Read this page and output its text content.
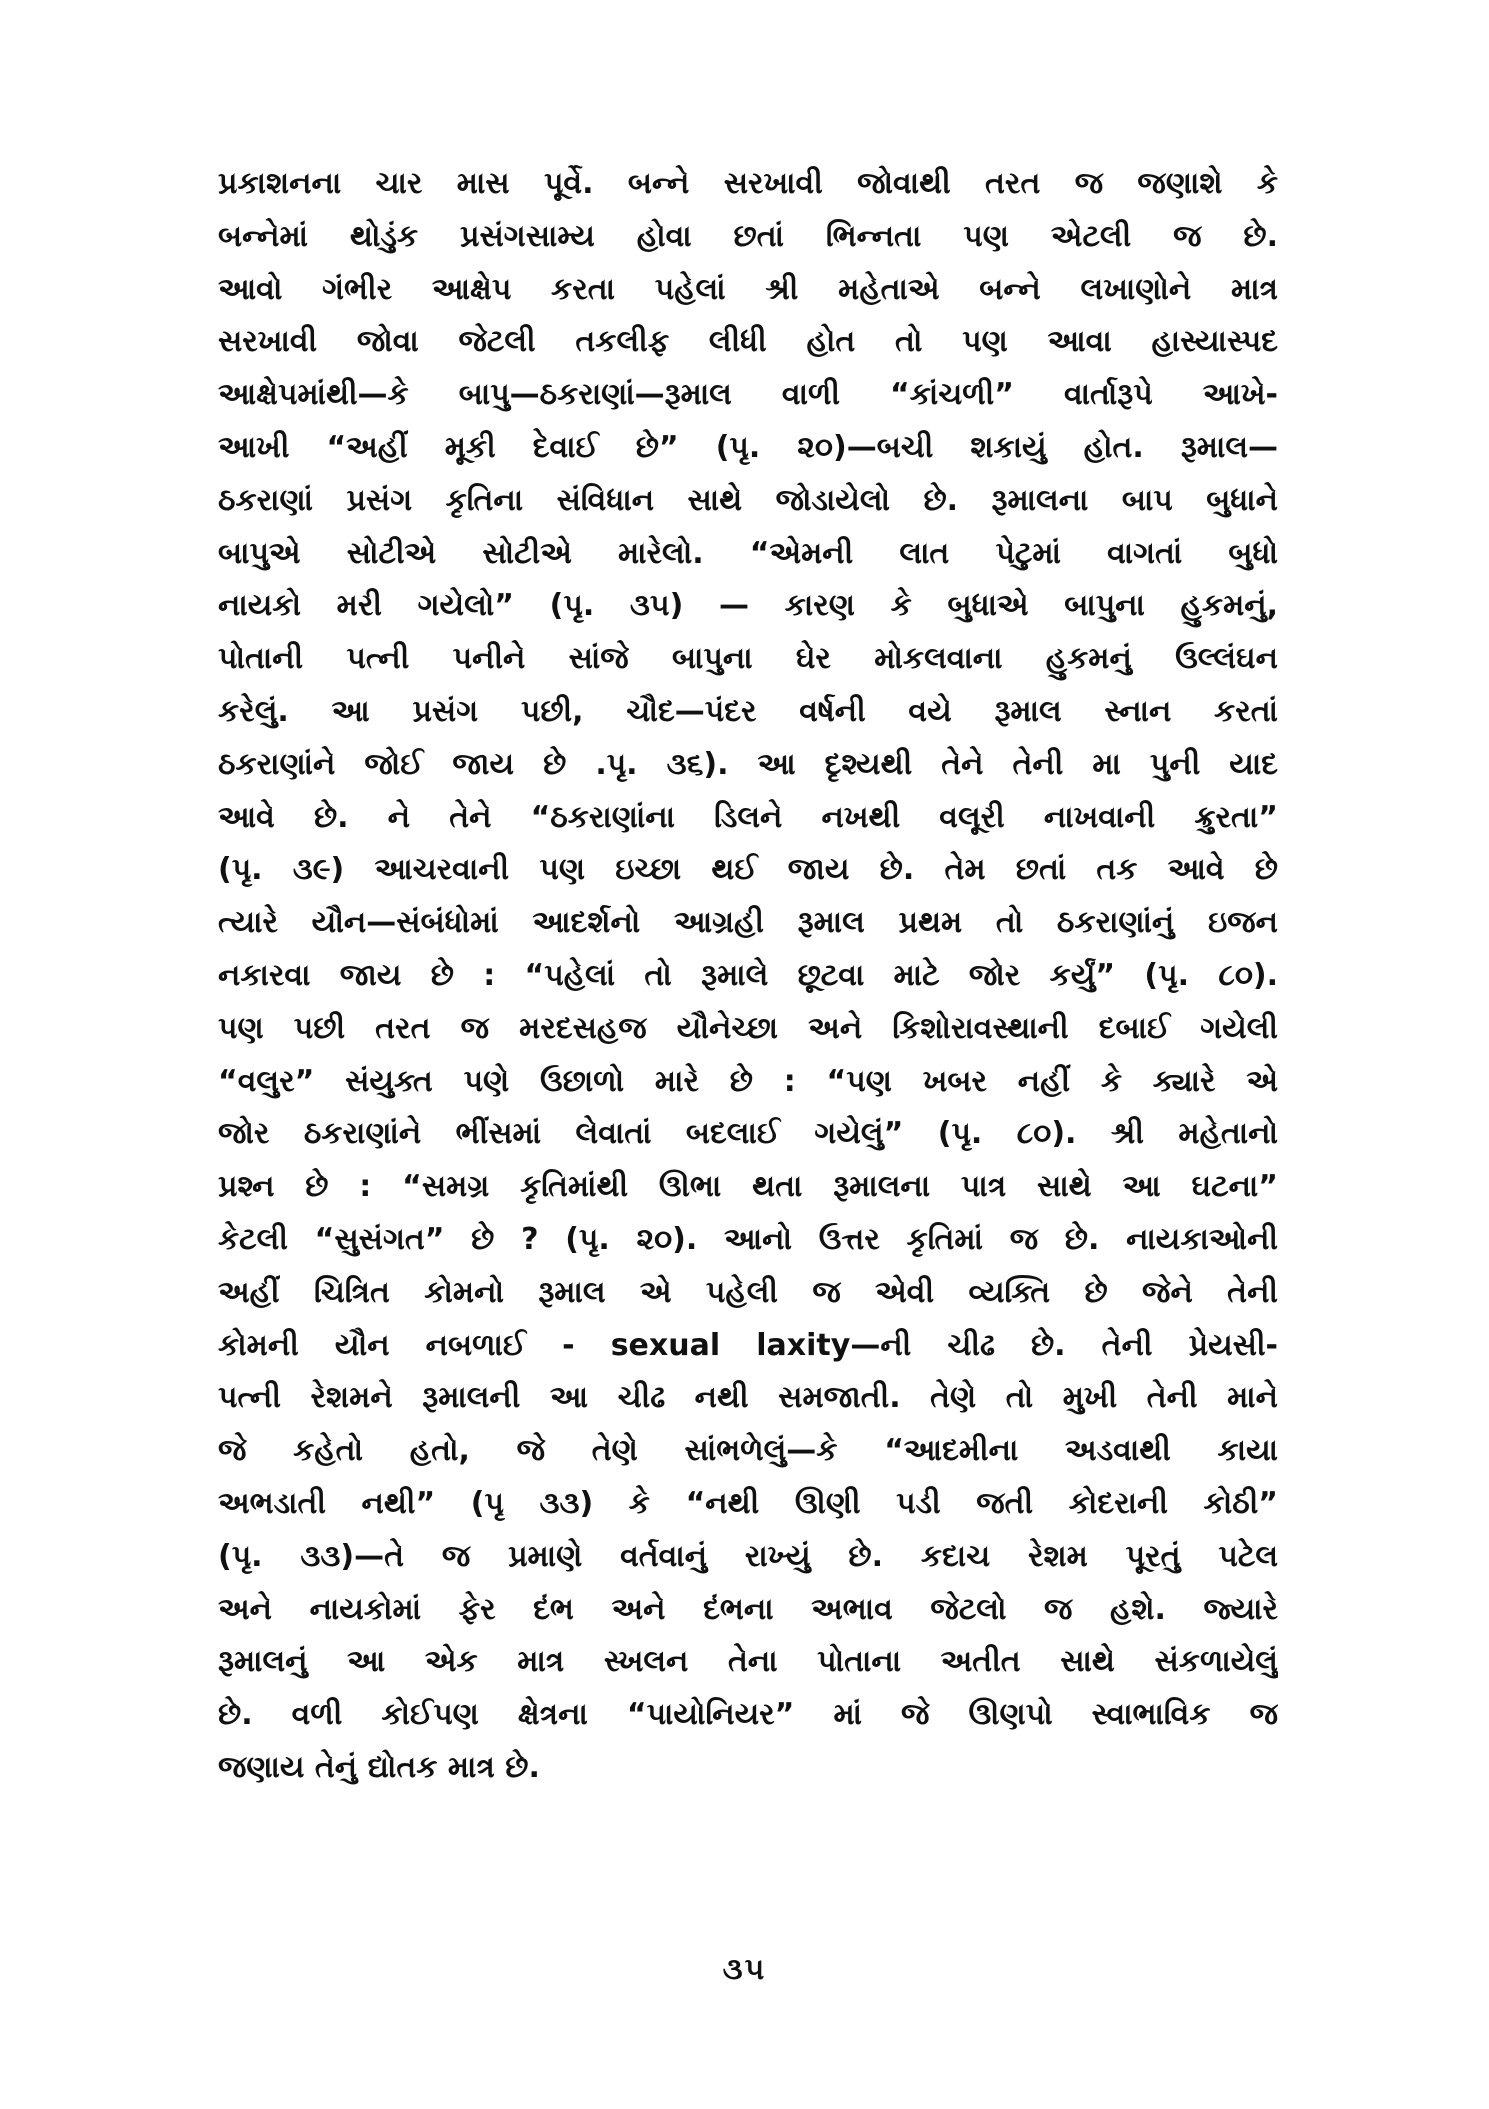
પ્રકાશનના ચાર માસ પૂર્વે. બન્ને સરખાવી જોવાથી તરત જ જણાશે કે
બન્નેમાં થોડુંક પ્રસંગસામ્ય હોવા છતાં ભિન્નતા પણ એટલી જ છે.
આવો ગંભીર આક્ષેપ કરતા પહેલાં શ્રી મહેતાએ બન્ને લખાણોને માત્ર
સરખાવી જોવા જેટલી તકલીફ લીધી હોત તો પણ આવા હાસ્યાસ્પદ
આક્ષેપમાંથી—કે બાપુ—ઠકરાણાં—રૂમાલ વાળી “કાંચળી” વાર્તારૂપે આખે-
આખી “અહીં મૂકી દેવાઈ છે” (પૃ. ૨૦)—બચી શકાયું હોત. રૂમાલ—
ઠકરાણાં પ્રસંગ કૃતિના સંવિધાન સાથે જોડાયેલો છે. રૂમાલના બાપ બુધાને
બાપુએ સોટીએ સોટીએ મારેલો. “એમની લાત પેટુમાં વાગતાં બુધો
નાયકો મરી ગયેલો” (પૃ. ૩૫) — કારણ કે બુધાએ બાપુના હુકમનું,
પોતાની પત્ની પનીને સાંજે બાપુના ઘેર મોકલવાના હુકમનું ઉલ્લંઘન
કરેલું. આ પ્રસંગ પછી, ચૌદ—પંદર વર્ષની વયે રૂમાલ સ્નાન કરતાં
ઠકરાણાંને જોઈ જાય છે .પૃ. ૩૬). આ દૃશ્યથી તેને તેની મા પુની યાદ
આવે છે. ને તેને “ઠકરાણાંના ડિલને નખથી વલૂરી નાખવાની ક્રુરતા”
(પૃ. ૩૯) આચરવાની પણ ઇચ્છા થઈ જાય છે. તેમ છતાં તક આવે છે
ત્યારે યૌન—સંબંધોમાં આદર્શનો આગ્રહી રૂમાલ પ્રથમ તો ઠકરાણાંનું ઇજન
નકારવા જાય છે : “પહેલાં તો રૂમાલે છૂટવા માટે જોર કર્યું” (પૃ. ૮૦).
પણ પછી તરત જ મરદસહજ યૌનેચ્છા અને કિશોરાવસ્થાની દબાઈ ગયેલી
“વલુર” સંયુક્ત પણે ઉછાળો મારે છે : “પણ ખબર નહીં કે ક્યારે એ
જોર ઠકરાણાંને ભીંસમાં લેવાતાં બદલાઈ ગયેલું” (પૃ. ૮૦). શ્રી મહેતાનો
પ્રશ્ન છે : “સમગ્ર કૃતિમાંથી ઊભા થતા રૂમાલના પાત્ર સાથે આ ઘટના”
કેટલી “સુસંગત” છે ? (પૃ. ૨૦). આનો ઉત્તર કૃતિમાં જ છે. નાયકાઓની
અહીં ચિત્રિત કોમનો રૂમાલ એ પહેલી જ એવી વ્યક્તિ છે જેને તેની
કોમની યૌન નબળાઈ - sexual laxity—ની ચીઢ છે. તેની પ્રેયસી-
પત્ની રેશમને રૂમાલની આ ચીઢ નથી સમજાતી. તેણે તો મુખી તેની માને
જે કહેતો હતો, જે તેણે સાંભળેલું—કે “આદમીના અડવાથી કાયા
અભડાતી નથી” (પૃ ૩૩) કે “નથી ઊણી પડી જતી કોદરાની કોઠી”
(પૃ. ૩૩)—તે જ પ્રમાણે વર્તવાનું રાખ્યું છે. કદાચ રેશમ પૂરતું પટેલ
અને નાયકોમાં ફેર દંભ અને દંભના અભાવ જેટલો જ હશે. જ્યારે
રૂમાલનું આ એક માત્ર સ્ખલન તેના પોતાના અતીત સાથે સંકળાયેલું
છે. વળી કોઈપણ ક્ષેત્રના “પાયોનિયર” માં જે ઊણપો સ્વાભાવિક જ
જણાય તેનું દ્યોતક માત્ર છે.
૩૫
